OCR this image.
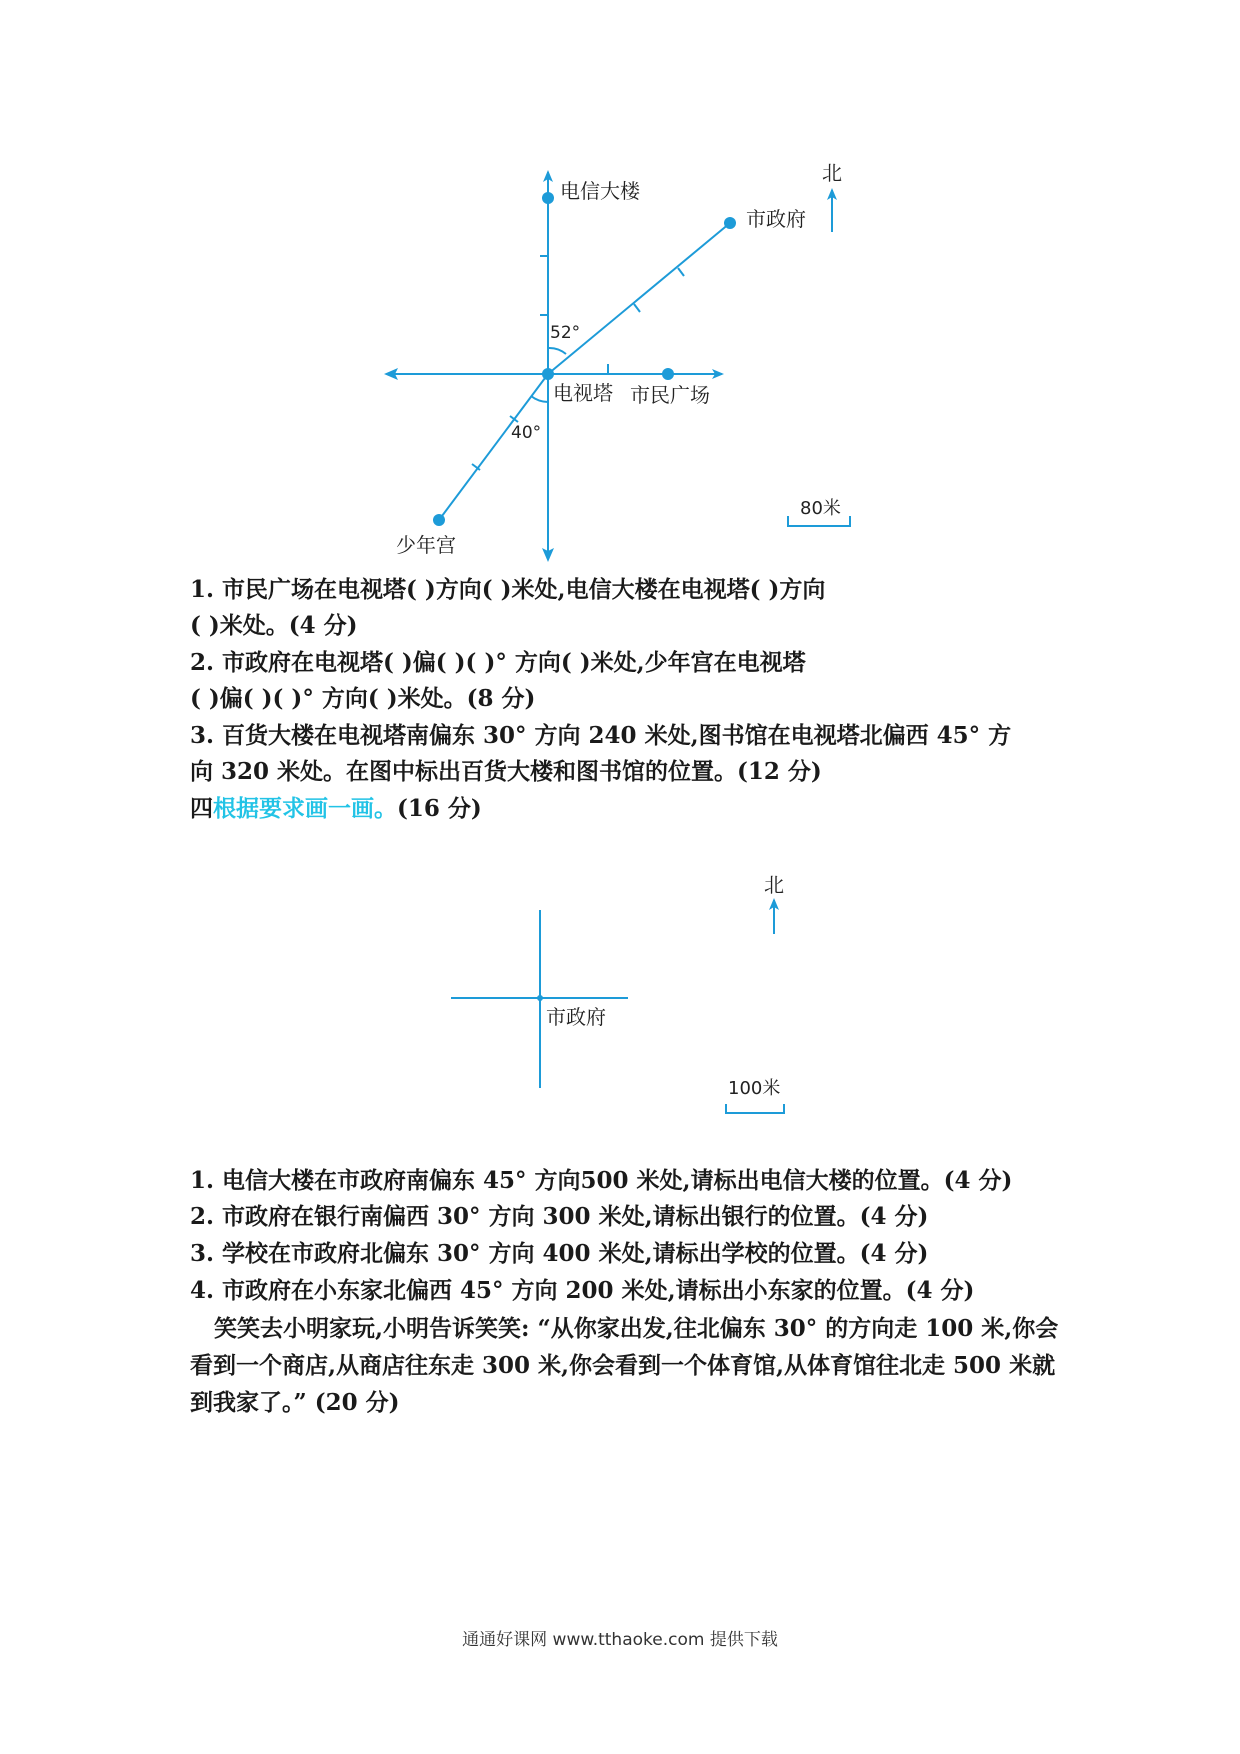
电信大楼
市政府
电视塔 市民广场
少年宫
52°
40°
北
80米
1. 市民广场在电视塔( )方向( )米处,电信大楼在电视塔( )方向
( )米处。(4 分)
2. 市政府在电视塔( )偏( )( )° 方向( )米处,少年宫在电视塔
( )偏( )( )° 方向( )米处。(8 分)
3. 百货大楼在电视塔南偏东 30° 方向 240 米处,图书馆在电视塔北偏西 45° 方
向 320 米处。在图中标出百货大楼和图书馆的位置。(12 分)
四根据要求画一画。(16 分)
市政府
北
100米
1. 电信大楼在市政府南偏东 45° 方向500 米处,请标出电信大楼的位置。(4 分)
2. 市政府在银行南偏西 30° 方向 300 米处,请标出银行的位置。(4 分)
3. 学校在市政府北偏东 30° 方向 400 米处,请标出学校的位置。(4 分)
4. 市政府在小东家北偏西 45° 方向 200 米处,请标出小东家的位置。(4 分)
笑笑去小明家玩,小明告诉笑笑: “从你家出发,往北偏东 30° 的方向走 100 米,你会看到一个商店,从商店往东走 300 米,你会看到一个体育馆,从体育馆往北走 500 米就到我家了。” (20 分)
通通好课网 www.tthaoke.com 提供下载
